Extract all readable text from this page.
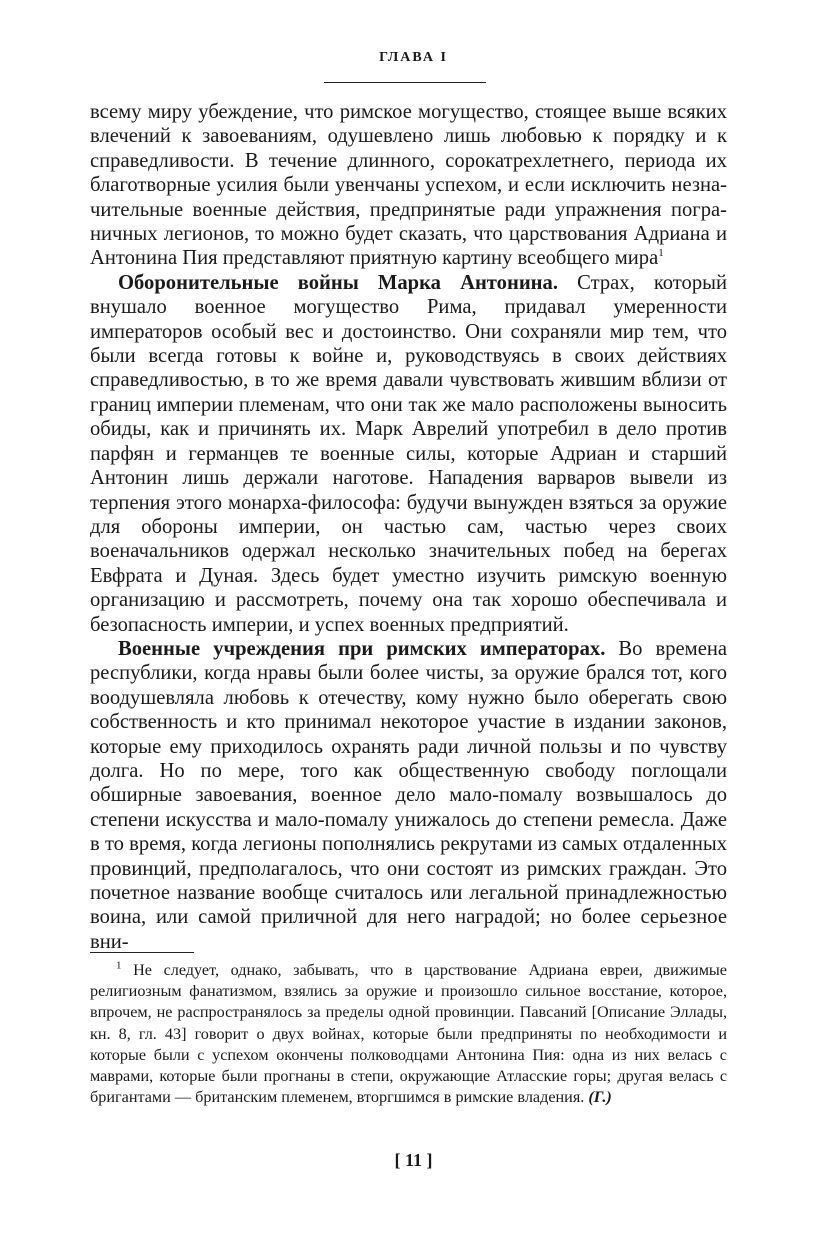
ГЛАВА I

всему миру убеждение, что римское могущество, стоящее выше всяких влечений к завоеваниям, одушевлено лишь любовью к порядку и к справедливости. В течение длинного, сорокатрехлетнего, периода их благотворные усилия были увенчаны успехом, и если исключить незначительные военные действия, предпринятые ради упражнения пограничных легионов, то можно будет сказать, что царствования Адриана и Антонина Пия представляют приятную картину всеобщего мира$^1$

Оборонительные войны Марка Антонина. Страх, который внушало военное могущество Рима, придавал умеренности императоров особый вес и достоинство. Они сохраняли мир тем, что были всегда готовы к войне и, руководствуясь в своих действиях справедливостью, в то же время давали чувствовать жившим вблизи от границ империи племенам, что они так же мало расположены выносить обиды, как и причинять их. Марк Аврелий употребил в дело против парфян и германцев те военные силы, которые Адриан и старший Антонин лишь держали наготове. Нападения варваров вывели из терпения этого монарха-философа: будучи вынужден взяться за оружие для обороны империи, он частью сам, частью через своих военачальников одержал несколько значительных побед на берегах Евфрата и Дуная. Здесь будет уместно изучить римскую военную организацию и рассмотреть, почему она так хорошо обеспечивала и безопасность империи, и успех военных предприятий.

Военные учреждения при римских императорах. Во времена республики, когда нравы были более чисты, за оружие брался тот, кого воодушевляла любовь к отечеству, кому нужно было оберегать свою собственность и кто принимал некоторое участие в издании законов, которые ему приходилось охранять ради личной пользы и по чувству долга. Но по мере, того как общественную свободу поглощали обширные завоевания, военное дело мало-помалу возвышалось до степени искусства и мало-помалу унижалось до степени ремесла. Даже в то время, когда легионы пополнялись рекрутами из самых отдаленных провинций, предполагалось, что они состоят из римских граждан. Это почетное название вообще считалось или легальной принадлежностью воина, или самой приличной для него наградой; но более серьезное вни-

$^1$ Не следует, однако, забывать, что в царствование Адриана евреи, движимые религиозным фанатизмом, взялись за оружие и произошло сильное восстание, которое, впрочем, не распространялось за пределы одной провинции. Павсаний [Описание Эллады, кн. 8, гл. 43] говорит о двух войнах, которые были предприняты по необходимости и которые были с успехом окончены полководцами Антонина Пия: одна из них велась с маврами, которые были прогнаны в степи, окружающие Атласские горы; другая велась с бригантами — британским племенем, вторгшимся в римские владения. (Г.)

[ 11 ]
